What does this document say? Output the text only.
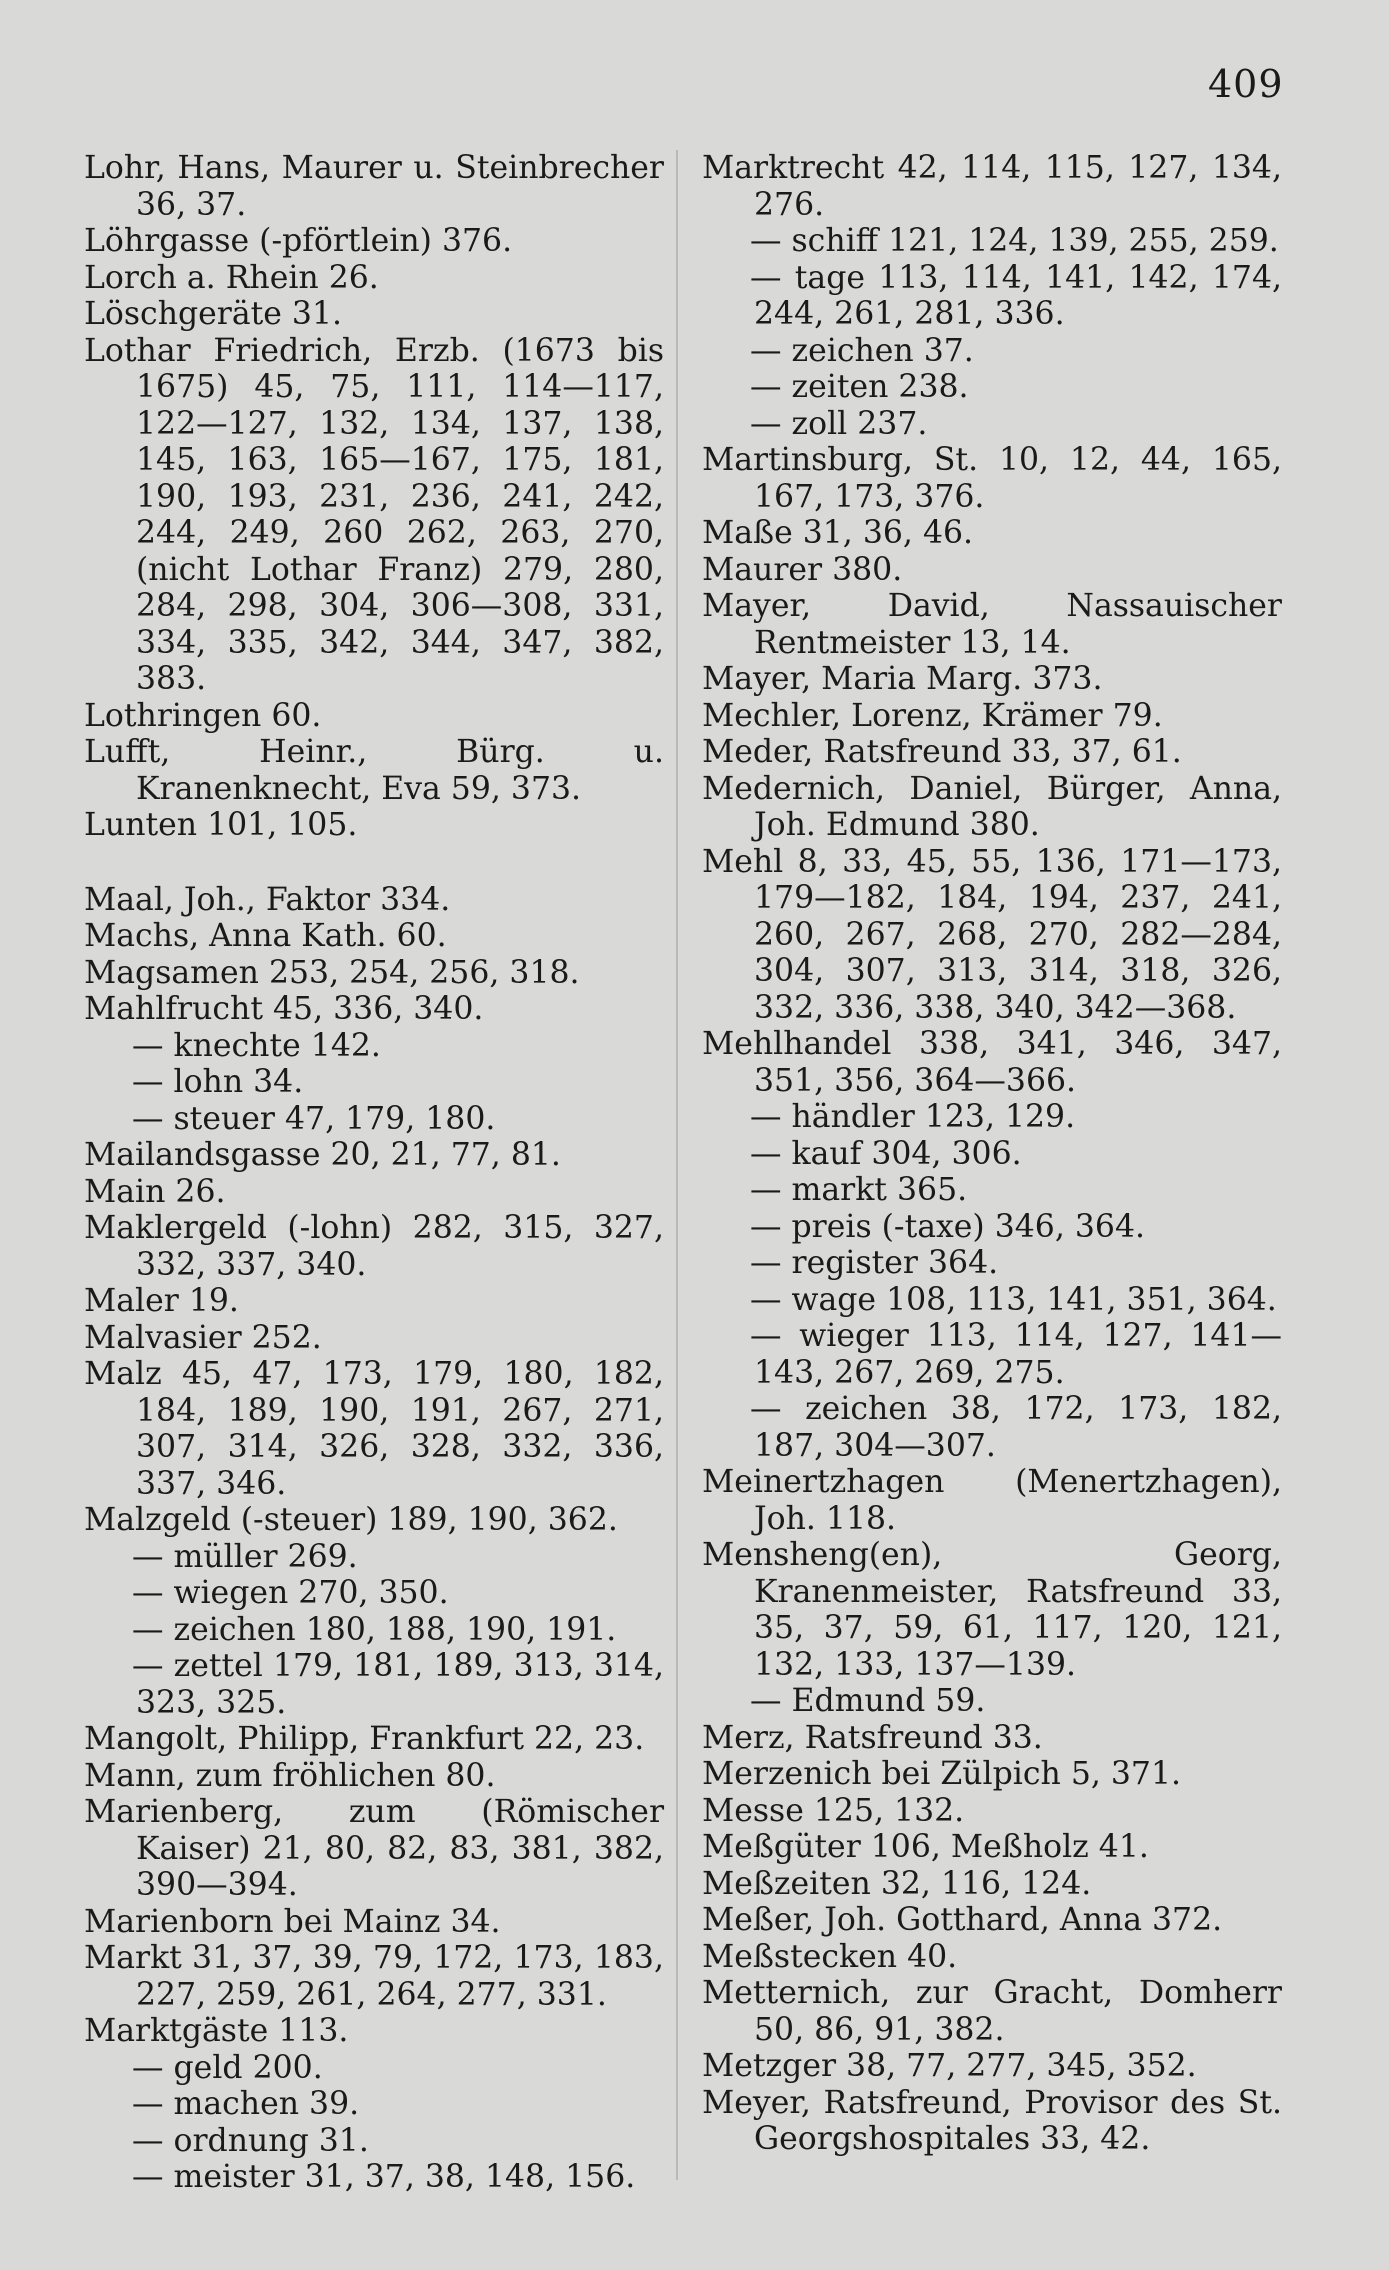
409

Lohr, Hans, Maurer u. Steinbrecher 36, 37.

Löhrgasse (-pförtlein) 376.

Lorch a. Rhein 26.

Löschgeräte 31.

Lothar Friedrich, Erzb. (1673 bis 1675) 45, 75, 111, 114—117, 122—127, 132, 134, 137, 138, 145, 163, 165—167, 175, 181, 190, 193, 231, 236, 241, 242, 244, 249, 260 262, 263, 270, (nicht Lothar Franz) 279, 280, 284, 298, 304, 306—308, 331, 334, 335, 342, 344, 347, 382, 383.

Lothringen 60.

Lufft, Heinr., Bürg. u. Kranenknecht, Eva 59, 373.

Lunten 101, 105.

Maal, Joh., Faktor 334.

Machs, Anna Kath. 60.

Magsamen 253, 254, 256, 318.

Mahlfrucht 45, 336, 340.

— knechte 142.

— lohn 34.

— steuer 47, 179, 180.

Mailandsgasse 20, 21, 77, 81.

Main 26.

Maklergeld (-lohn) 282, 315, 327, 332, 337, 340.

Maler 19.

Malvasier 252.

Malz 45, 47, 173, 179, 180, 182, 184, 189, 190, 191, 267, 271, 307, 314, 326, 328, 332, 336, 337, 346.

Malzgeld (-steuer) 189, 190, 362.

— müller 269.

— wiegen 270, 350.

— zeichen 180, 188, 190, 191.

— zettel 179, 181, 189, 313, 314, 323, 325.

Mangolt, Philipp, Frankfurt 22, 23.

Mann, zum fröhlichen 80.

Marienberg, zum (Römischer Kaiser) 21, 80, 82, 83, 381, 382, 390—394.

Marienborn bei Mainz 34.

Markt 31, 37, 39, 79, 172, 173, 183, 227, 259, 261, 264, 277, 331.

Marktgäste 113.

— geld 200.

— machen 39.

— ordnung 31.

— meister 31, 37, 38, 148, 156.

Marktrecht 42, 114, 115, 127, 134, 276.

— schiff 121, 124, 139, 255, 259.

— tage 113, 114, 141, 142, 174, 244, 261, 281, 336.

— zeichen 37.

— zeiten 238.

— zoll 237.

Martinsburg, St. 10, 12, 44, 165, 167, 173, 376.

Maße 31, 36, 46.

Maurer 380.

Mayer, David, Nassauischer Rentmeister 13, 14.

Mayer, Maria Marg. 373.

Mechler, Lorenz, Krämer 79.

Meder, Ratsfreund 33, 37, 61.

Medernich, Daniel, Bürger, Anna, Joh. Edmund 380.

Mehl 8, 33, 45, 55, 136, 171—173, 179—182, 184, 194, 237, 241, 260, 267, 268, 270, 282—284, 304, 307, 313, 314, 318, 326, 332, 336, 338, 340, 342—368.

Mehlhandel 338, 341, 346, 347, 351, 356, 364—366.

— händler 123, 129.

— kauf 304, 306.

— markt 365.

— preis (-taxe) 346, 364.

— register 364.

— wage 108, 113, 141, 351, 364.

— wieger 113, 114, 127, 141—143, 267, 269, 275.

— zeichen 38, 172, 173, 182, 187, 304—307.

Meinertzhagen (Menertzhagen), Joh. 118.

Menshеng(en), Georg, Kranenmeister, Ratsfreund 33, 35, 37, 59, 61, 117, 120, 121, 132, 133, 137—139.

— Edmund 59.

Merz, Ratsfreund 33.

Merzenich bei Zülpich 5, 371.

Messe 125, 132.

Meßgüter 106, Meßholz 41.

Meßzeiten 32, 116, 124.

Meßer, Joh. Gotthard, Anna 372.

Meßstecken 40.

Metternich, zur Gracht, Domherr 50, 86, 91, 382.

Metzger 38, 77, 277, 345, 352.

Meyer, Ratsfreund, Provisor des St. Georgshospitales 33, 42.
